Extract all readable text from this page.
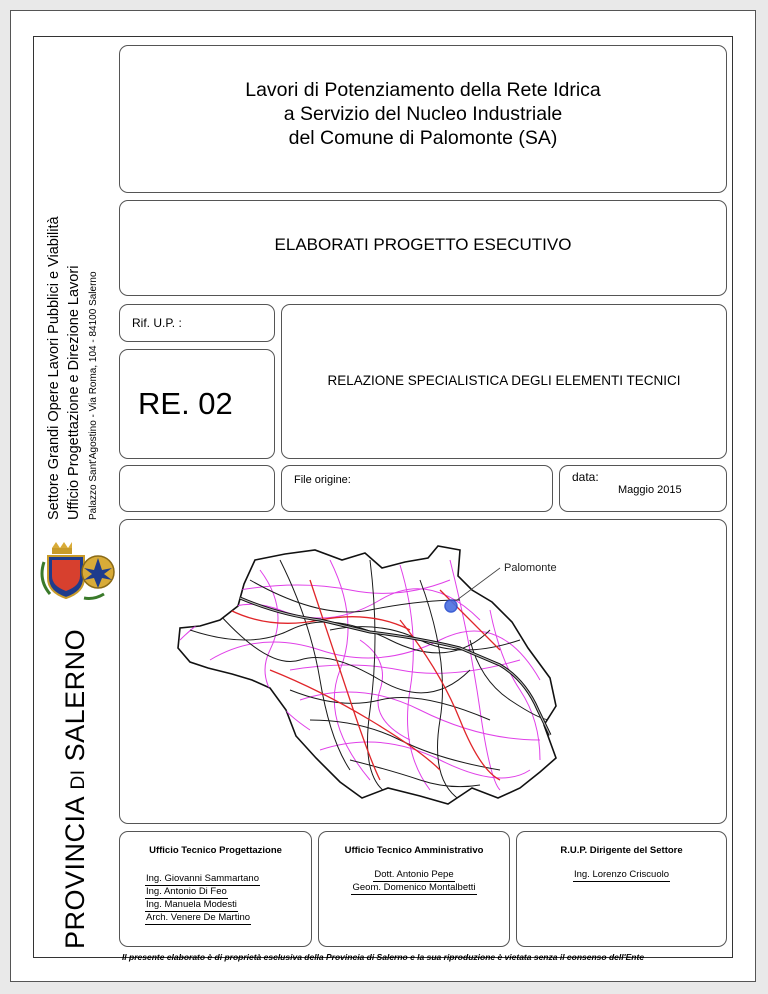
Settore Grandi Opere Lavori Pubblici e Viabilità Ufficio Progettazione e Direzione Lavori Palazzo Sant'Agostino - Via Roma, 104 - 84100 Salerno
PROVINCIA DI SALERNO
Lavori di Potenziamento della Rete Idrica
a Servizio del Nucleo Industriale
del Comune di Palomonte (SA)
ELABORATI PROGETTO ESECUTIVO
Rif. U.P. :
RE. 02
RELAZIONE SPECIALISTICA DEGLI ELEMENTI TECNICI
File origine:	data:
Maggio 2015
Palomonte
Ufficio Tecnico Progettazione
Ing. Giovanni Sammartano
Ing. Antonio Di Feo
Ing. Manuela Modesti
Arch. Venere De Martino
Ufficio Tecnico Amministrativo
Dott. Antonio Pepe
Geom. Domenico Montalbetti
R.U.P. Dirigente del Settore
Ing. Lorenzo Criscuolo
Il presente elaborato è di proprietà esclusiva della Provincia di Salerno e la sua riproduzione è vietata senza il consenso dell'Ente
